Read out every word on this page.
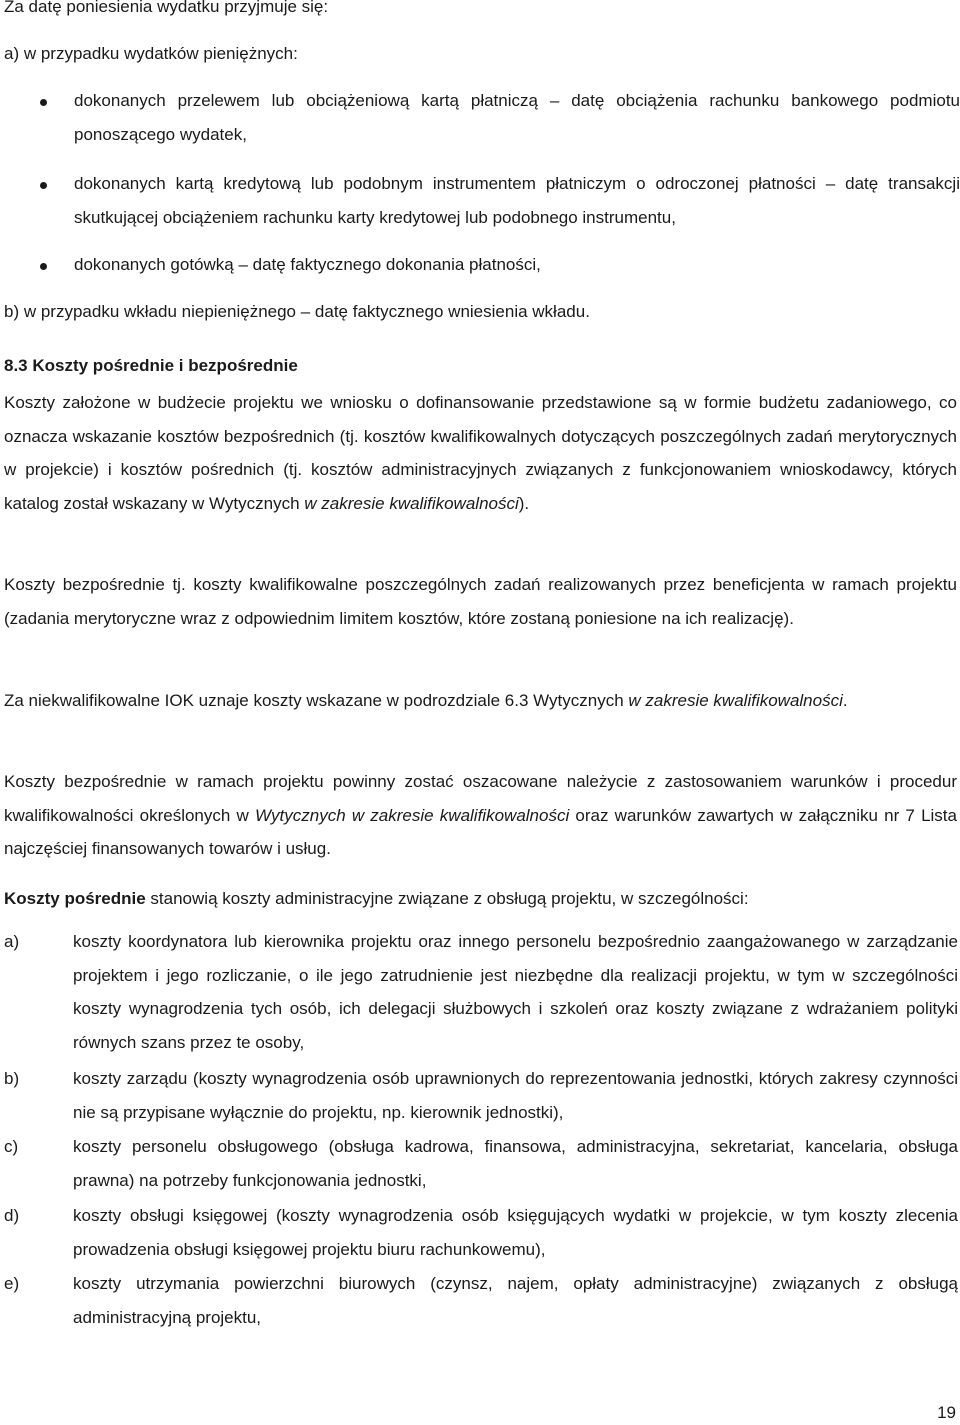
Za datę poniesienia wydatku przyjmuje się:

a) w przypadku wydatków pieniężnych:

dokonanych przelewem lub obciążeniową kartą płatniczą – datę obciążenia rachunku bankowego podmiotu ponoszącego wydatek,

dokonanych kartą kredytową lub podobnym instrumentem płatniczym o odroczonej płatności – datę transakcji skutkującej obciążeniem rachunku karty kredytowej lub podobnego instrumentu,

dokonanych gotówką – datę faktycznego dokonania płatności,

b) w przypadku wkładu niepieniężnego – datę faktycznego wniesienia wkładu.

8.3 Koszty pośrednie i bezpośrednie

Koszty założone w budżecie projektu we wniosku o dofinansowanie przedstawione są w formie budżetu zadaniowego, co oznacza wskazanie kosztów bezpośrednich (tj. kosztów kwalifikowalnych dotyczących poszczególnych zadań merytorycznych w projekcie) i kosztów pośrednich (tj. kosztów administracyjnych związanych z funkcjonowaniem wnioskodawcy, których katalog został wskazany w Wytycznych w zakresie kwalifikowalności).

Koszty bezpośrednie tj. koszty kwalifikowalne poszczególnych zadań realizowanych przez beneficjenta w ramach projektu (zadania merytoryczne wraz z odpowiednim limitem kosztów, które zostaną poniesione na ich realizację).

Za niekwalifikowalne IOK uznaje koszty wskazane w podrozdziale 6.3 Wytycznych w zakresie kwalifikowalności.

Koszty bezpośrednie w ramach projektu powinny zostać oszacowane należycie z zastosowaniem warunków i procedur kwalifikowalności określonych w Wytycznych w zakresie kwalifikowalności oraz warunków zawartych w załączniku nr 7 Lista najczęściej finansowanych towarów i usług.

Koszty pośrednie stanowią koszty administracyjne związane z obsługą projektu, w szczególności:

a)	koszty koordynatora lub kierownika projektu oraz innego personelu bezpośrednio zaangażowanego w zarządzanie projektem i jego rozliczanie, o ile jego zatrudnienie jest niezbędne dla realizacji projektu, w tym w szczególności koszty wynagrodzenia tych osób, ich delegacji służbowych i szkoleń oraz koszty związane z wdrażaniem polityki równych szans przez te osoby,

b)	koszty zarządu (koszty wynagrodzenia osób uprawnionych do reprezentowania jednostki, których zakresy czynności nie są przypisane wyłącznie do projektu, np. kierownik jednostki),

c)	koszty personelu obsługowego (obsługa kadrowa, finansowa, administracyjna, sekretariat, kancelaria, obsługa prawna) na potrzeby funkcjonowania jednostki,

d)	koszty obsługi księgowej (koszty wynagrodzenia osób księgujących wydatki w projekcie, w tym koszty zlecenia prowadzenia obsługi księgowej projektu biuru rachunkowemu),

e)	koszty utrzymania powierzchni biurowych (czynsz, najem, opłaty administracyjne) związanych z obsługą administracyjną projektu,

19
